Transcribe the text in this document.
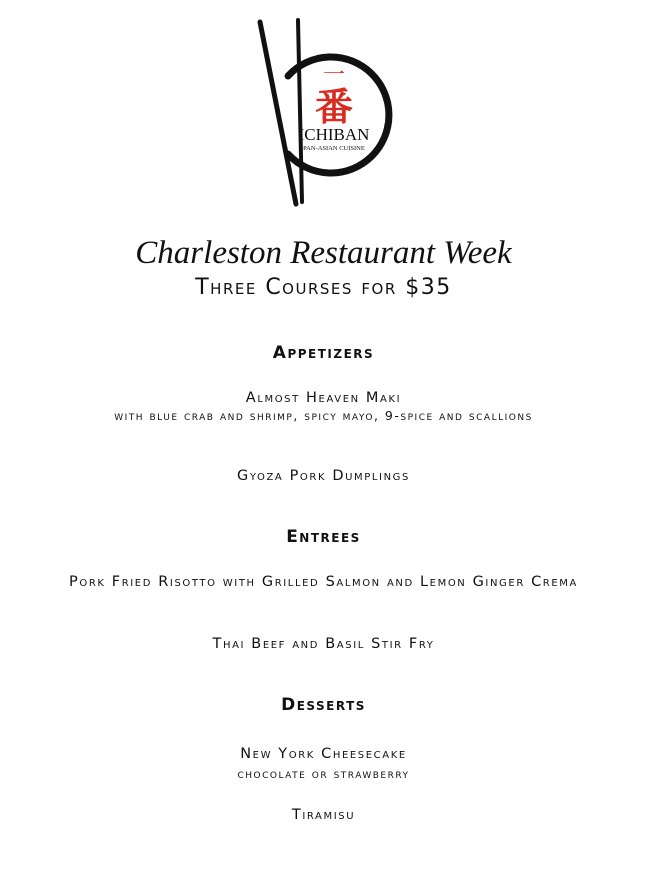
一
番
ICHIBAN
PAN-ASIAN CUISINE
Charleston Restaurant Week
Three Courses for $35
Appetizers
Almost Heaven Maki
with blue crab and shrimp, spicy mayo, 9-spice and scallions
Gyoza Pork Dumplings
Entrees
Pork Fried Risotto with Grilled Salmon and Lemon Ginger Crema
Thai Beef and Basil Stir Fry
Desserts
New York Cheesecake
chocolate or strawberry
Tiramisu
